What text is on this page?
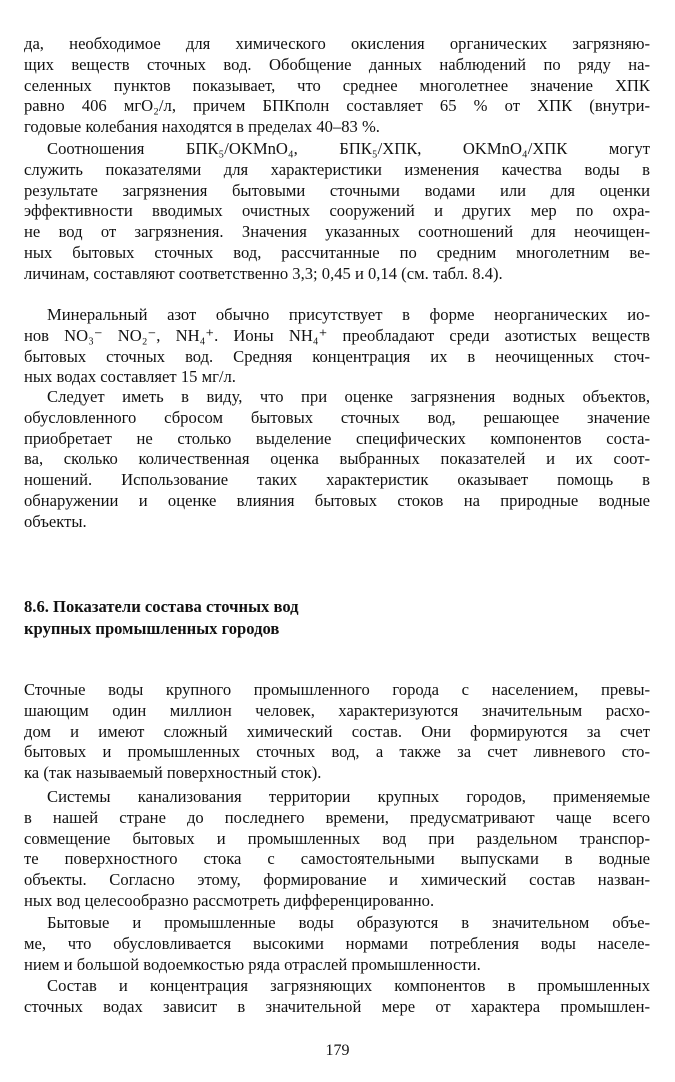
да, необходимое для химического окисления органических загрязняю-
щих веществ сточных вод. Обобщение данных наблюдений по ряду на-
селенных пунктов показывает, что среднее многолетнее значение ХПК
равно 406 мгО₂/л, причем БПКполн составляет 65 % от ХПК (внутри-
годовые колебания находятся в пределах 40–83 %.
Соотношения БПК₅/OKMnO₄, БПК₅/ХПК, OKMnO₄/ХПК могут
служить показателями для характеристики изменения качества воды в
результате загрязнения бытовыми сточными водами или для оценки
эффективности вводимых очистных сооружений и других мер по охра-
не вод от загрязнения. Значения указанных соотношений для неочищен-
ных бытовых сточных вод, рассчитанные по средним многолетним ве-
личинам, составляют соответственно 3,3; 0,45 и 0,14 (см. табл. 8.4).
Минеральный азот обычно присутствует в форме неорганических ио-
нов NO₃⁻ NO₂⁻, NH₄⁺. Ионы NH₄⁺ преобладают среди азотистых веществ
бытовых сточных вод. Средняя концентрация их в неочищенных сточ-
ных водах составляет 15 мг/л.
Следует иметь в виду, что при оценке загрязнения водных объектов,
обусловленного сбросом бытовых сточных вод, решающее значение
приобретает не столько выделение специфических компонентов соста-
ва, сколько количественная оценка выбранных показателей и их соот-
ношений. Использование таких характеристик оказывает помощь в
обнаружении и оценке влияния бытовых стоков на природные водные
объекты.
8.6. Показатели состава сточных вод
крупных промышленных городов
Сточные воды крупного промышленного города с населением, превы-
шающим один миллион человек, характеризуются значительным расхо-
дом и имеют сложный химический состав. Они формируются за счет
бытовых и промышленных сточных вод, а также за счет ливневого сто-
ка (так называемый поверхностный сток).
Системы канализования территории крупных городов, применяемые
в нашей стране до последнего времени, предусматривают чаще всего
совмещение бытовых и промышленных вод при раздельном транспор-
те поверхностного стока с самостоятельными выпусками в водные
объекты. Согласно этому, формирование и химический состав назван-
ных вод целесообразно рассмотреть дифференцированно.
Бытовые и промышленные воды образуются в значительном объе-
ме, что обусловливается высокими нормами потребления воды населе-
нием и большой водоемкостью ряда отраслей промышленности.
Состав и концентрация загрязняющих компонентов в промышленных
сточных водах зависит в значительной мере от характера промышлен-
179
